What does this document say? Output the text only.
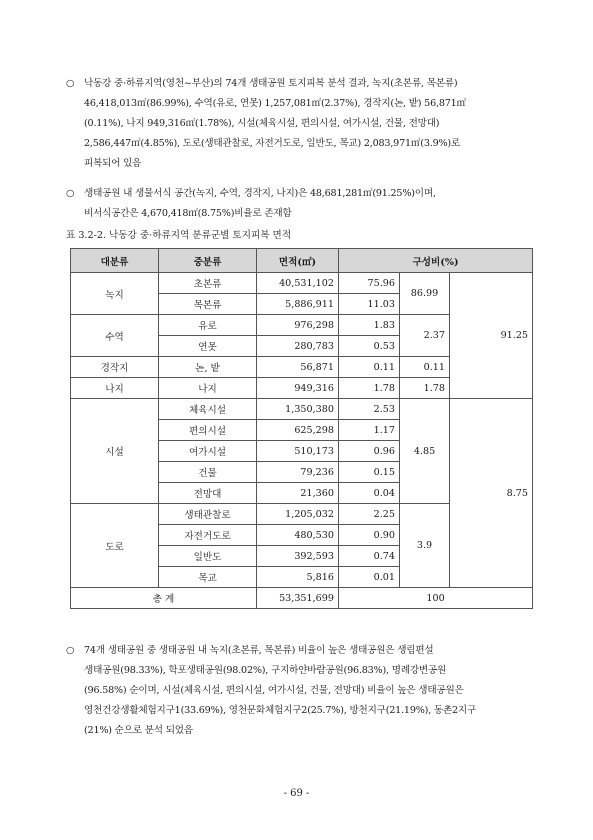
○ 낙동강 중·하류지역(영천~부산)의 74개 생태공원 토지피복 분석 결과, 녹지(초본류, 목본류)
46,418,013㎡(86.99%), 수역(유로, 연못) 1,257,081㎡(2.37%), 경작지(논, 밭) 56,871㎡
(0.11%), 나지 949,316㎡(1.78%), 시설(체육시설, 편의시설, 여가시설, 건물, 전망대)
2,586,447㎡(4.85%), 도로(생태관찰로, 자전거도로, 일반도, 목교) 2,083,971㎡(3.9%)로
피복되어 있음
○ 생태공원 내 생물서식 공간(녹지, 수역, 경작지, 나지)은 48,681,281㎡(91.25%)이며,
비서식공간은 4,670,418㎡(8.75%)비율로 존재함
표 3.2-2. 낙동강 중·하류지역 분류군별 토지피복 면적
대분류	중분류	면적(㎡)	구성비(%)		
녹지	초본류	40,531,102	75.96	86.99	91.25
	목본류	5,886,911	11.03		
수역	유로	976,298	1.83	2.37	
	연못	280,783	0.53		
경작지	논, 밭	56,871	0.11	0.11	
나지	나지	949,316	1.78	1.78	
시설	체육시설	1,350,380	2.53	4.85	8.75
	편의시설	625,298	1.17		
	여가시설	510,173	0.96		
	건물	79,236	0.15		
	전망대	21,360	0.04		
도로	생태관찰로	1,205,032	2.25	3.9	
	자전거도로	480,530	0.90		
	일반도	392,593	0.74		
	목교	5,816	0.01		
총 계		53,351,699	100		
○ 74개 생태공원 중 생태공원 내 녹지(초본류, 목본류) 비율이 높은 생태공원은 생림편설
생태공원(98.33%), 학포생태공원(98.02%), 구지하얀바람공원(96.83%), 명례강변공원
(96.58%) 순이며, 시설(체육시설, 편의시설, 여가시설, 건물, 전망대) 비율이 높은 생태공원은
영천건강생활체험지구1(33.69%), 영천문화체험지구2(25.7%), 방천지구(21.19%), 동촌2지구
(21%) 순으로 분석 되었음
- 69 -
